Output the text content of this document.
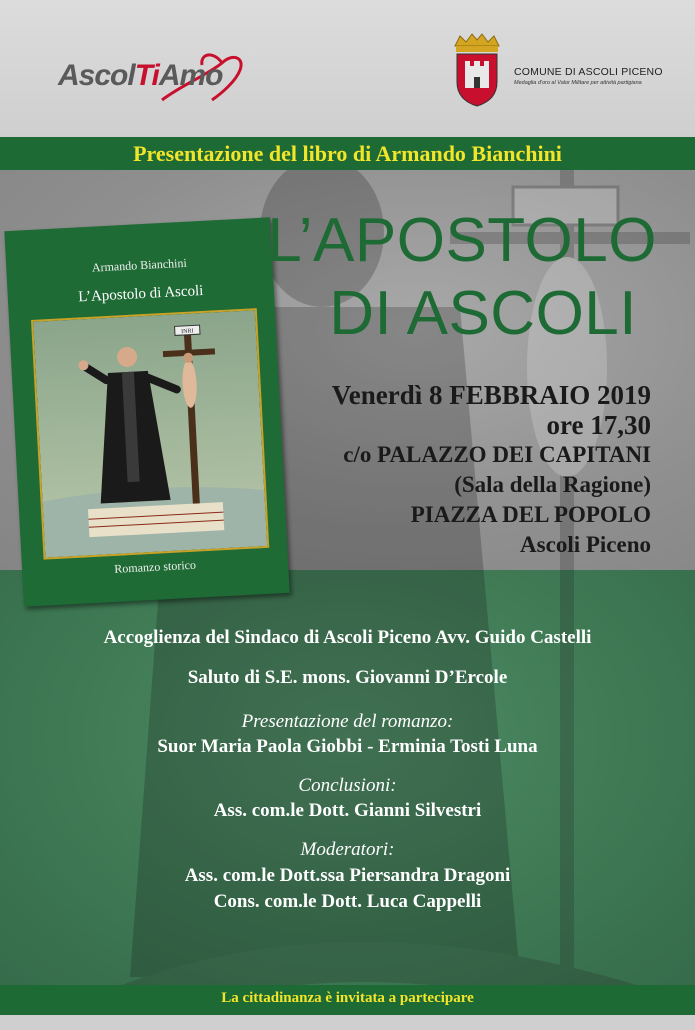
AscolTiAmo	COMUNE DI ASCOLI PICENO
Medaglia d'oro al Valor Militare per attività partigiana
Presentazione del libro di Armando Bianchini
Armando Bianchini
L’Apostolo di Ascoli
INRI
Romanzo storico
L’APOSTOLO
DI ASCOLI
Venerdì 8 FEBBRAIO 2019
ore 17,30
c/o PALAZZO DEI CAPITANI
(Sala della Ragione)
PIAZZA DEL POPOLO
Ascoli Piceno
Accoglienza del Sindaco di Ascoli Piceno Avv. Guido Castelli
Saluto di S.E. mons. Giovanni D’Ercole
Presentazione del romanzo:
Suor Maria Paola Giobbi - Erminia Tosti Luna
Conclusioni:
Ass. com.le Dott. Gianni Silvestri
Moderatori:
Ass. com.le Dott.ssa Piersandra Dragoni
Cons. com.le Dott. Luca Cappelli
La cittadinanza è invitata a partecipare
